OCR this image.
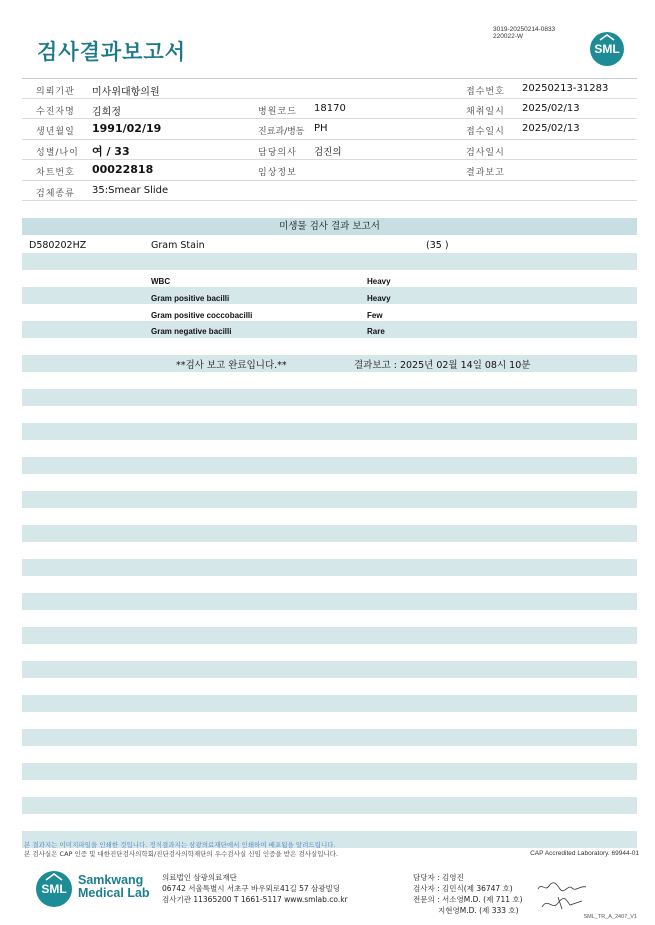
검사결과보고서
3019-20250214-0833
220022-W
SML
의뢰기관 미사위대항의원	접수번호 20250213-31283
수진자명 김희정	병원코드 18170	채취일시 2025/02/13
생년월일 1991/02/19	진료과/병동 PH	접수일시 2025/02/13
성별/나이 여 / 33	담당의사 검진의	검사일시
차트번호 00022818	임상정보	결과보고
검체종류 35:Smear Slide
미생물 검사 결과 보고서
D580202HZ	Gram Stain	(35 )
WBC	Heavy
Gram positive bacilli	Heavy
Gram positive coccobacilli	Few
Gram negative bacilli	Rare
**검사 보고 완료입니다.**	결과보고 : 2025년 02월 14일 08시 10분
본 결과지는 이미지파일을 인쇄한 것입니다. 정식결과지는 삼광의료재단에서 인쇄하여 배포됨을 알려드립니다.
본 검사실은 CAP 인증 및 대한진단검사의학회/진단검사의학재단의 우수검사실 신임 인증을 받은 검사실입니다.	CAP Accredited Laboratory. 69944-01
SML
Samkwang
Medical Lab
의료법인 삼광의료재단
06742 서울특별시 서초구 바우뫼로41길 57 삼광빌딩
검사기관 11365200 T 1661-5117 www.smlab.co.kr
담당자 : 김영진
검사자 : 김민식(제 36747 호)
전문의 : 서소영M.D. (제 711 호)
지현영M.D. (제 333 호)
SML_TR_A_2407_V1
